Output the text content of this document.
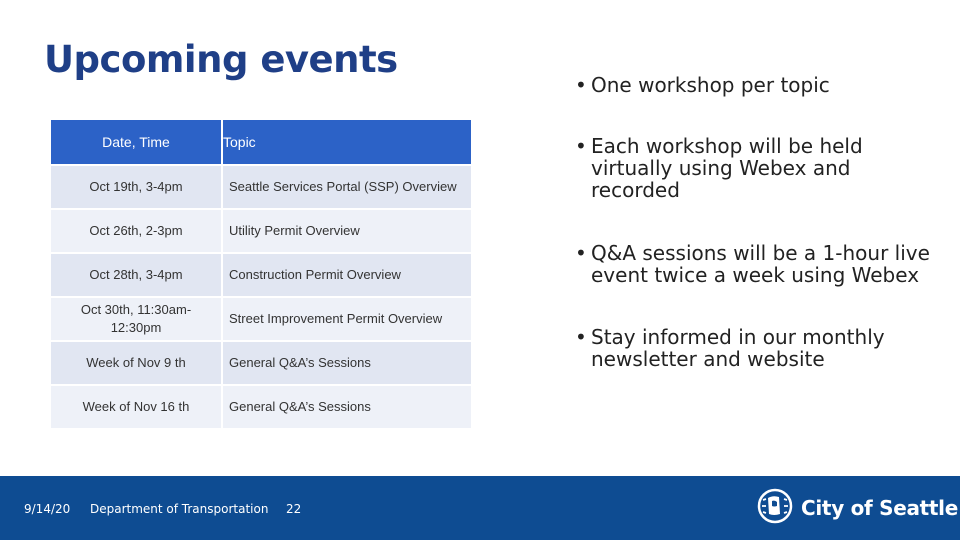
Upcoming events
Date, Time	Topic
Oct 19th, 3-4pm	Seattle Services Portal (SSP) Overview
Oct 26th, 2-3pm	Utility Permit Overview
Oct 28th, 3-4pm	Construction Permit Overview
Oct 30th, 11:30am-12:30pm	Street Improvement Permit Overview
Week of Nov 9 th	General Q&A’s Sessions
Week of Nov 16 th	General Q&A’s Sessions
• One workshop per topic
• Each workshop will be held virtually using Webex and recorded
• Q&A sessions will be a 1-hour live event twice a week using Webex
• Stay informed in our monthly newsletter and website
9/14/20 Department of Transportation 22	City of Seattle
